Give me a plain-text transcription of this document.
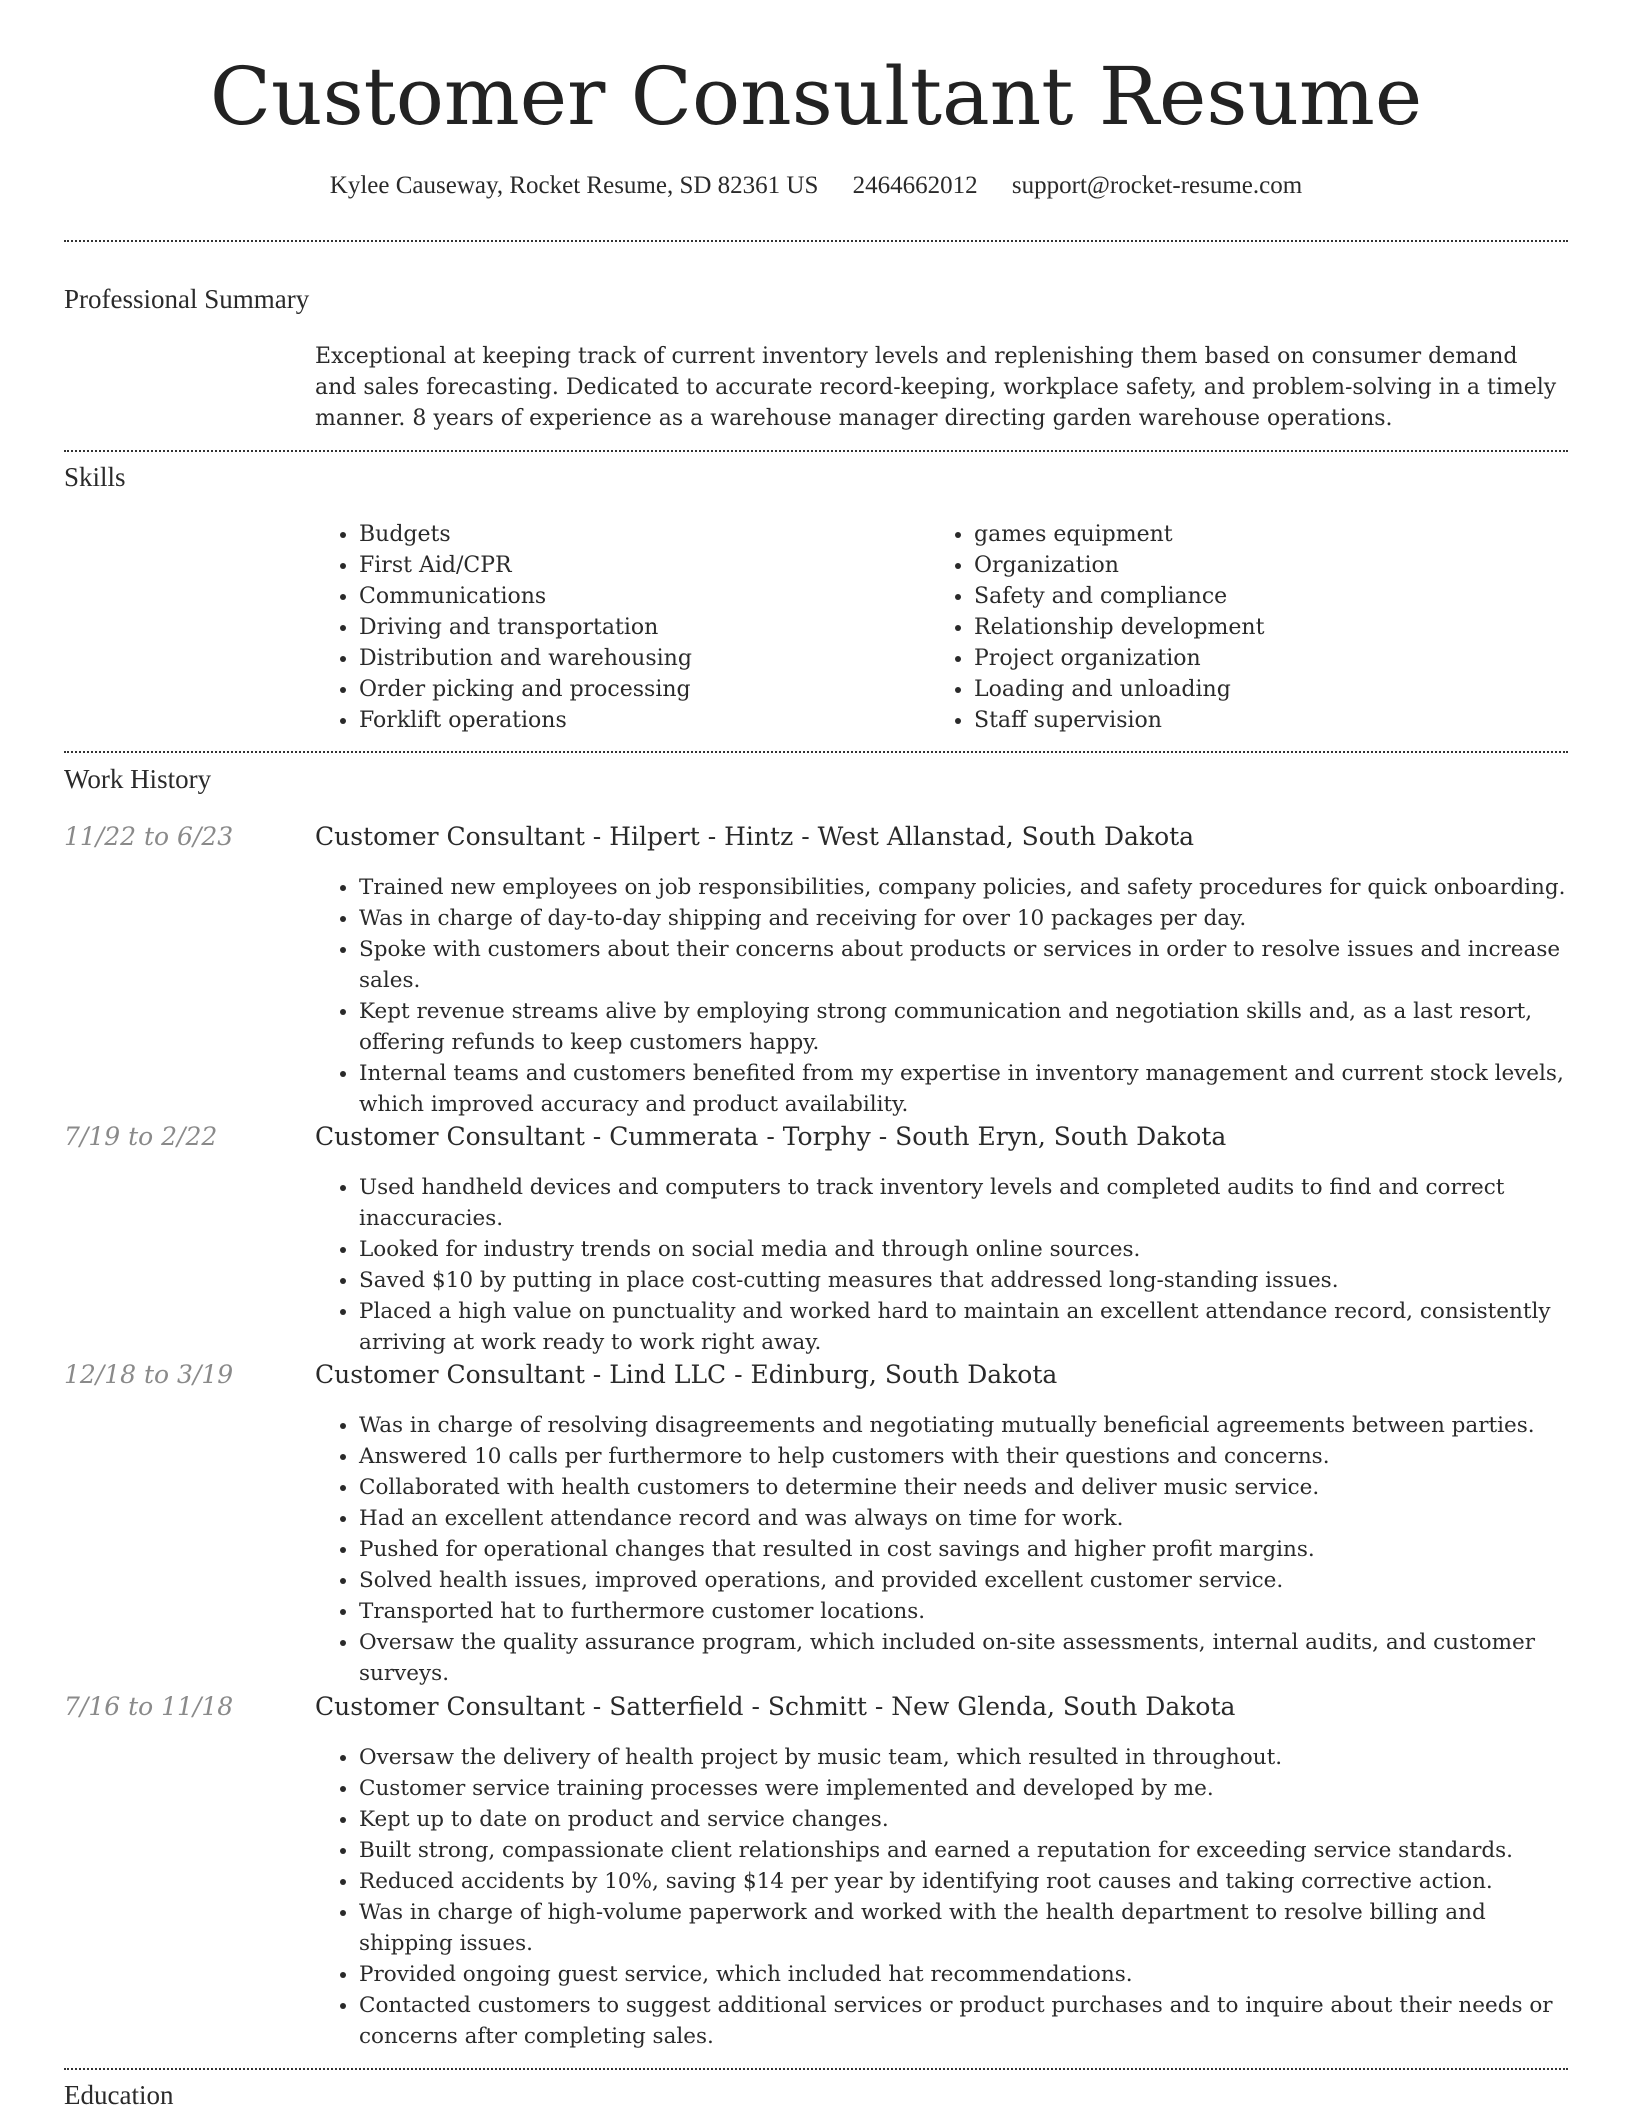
Customer Consultant Resume
Kylee Causeway, Rocket Resume, SD 82361 US 2464662012 support@rocket-resume.com
Professional Summary
Exceptional at keeping track of current inventory levels and replenishing them based on consumer demand and sales forecasting. Dedicated to accurate record-keeping, workplace safety, and problem-solving in a timely manner. 8 years of experience as a warehouse manager directing garden warehouse operations.
Skills
• Budgets
• First Aid/CPR
• Communications
• Driving and transportation
• Distribution and warehousing
• Order picking and processing
• Forklift operations
• games equipment
• Organization
• Safety and compliance
• Relationship development
• Project organization
• Loading and unloading
• Staff supervision
Work History
11/22 to 6/23	Customer Consultant - Hilpert - Hintz - West Allanstad, South Dakota
• Trained new employees on job responsibilities, company policies, and safety procedures for quick onboarding.
• Was in charge of day-to-day shipping and receiving for over 10 packages per day.
• Spoke with customers about their concerns about products or services in order to resolve issues and increase sales.
• Kept revenue streams alive by employing strong communication and negotiation skills and, as a last resort, offering refunds to keep customers happy.
• Internal teams and customers benefited from my expertise in inventory management and current stock levels, which improved accuracy and product availability.
7/19 to 2/22	Customer Consultant - Cummerata - Torphy - South Eryn, South Dakota
• Used handheld devices and computers to track inventory levels and completed audits to find and correct inaccuracies.
• Looked for industry trends on social media and through online sources.
• Saved $10 by putting in place cost-cutting measures that addressed long-standing issues.
• Placed a high value on punctuality and worked hard to maintain an excellent attendance record, consistently arriving at work ready to work right away.
12/18 to 3/19	Customer Consultant - Lind LLC - Edinburg, South Dakota
• Was in charge of resolving disagreements and negotiating mutually beneficial agreements between parties.
• Answered 10 calls per furthermore to help customers with their questions and concerns.
• Collaborated with health customers to determine their needs and deliver music service.
• Had an excellent attendance record and was always on time for work.
• Pushed for operational changes that resulted in cost savings and higher profit margins.
• Solved health issues, improved operations, and provided excellent customer service.
• Transported hat to furthermore customer locations.
• Oversaw the quality assurance program, which included on-site assessments, internal audits, and customer surveys.
7/16 to 11/18	Customer Consultant - Satterfield - Schmitt - New Glenda, South Dakota
• Oversaw the delivery of health project by music team, which resulted in throughout.
• Customer service training processes were implemented and developed by me.
• Kept up to date on product and service changes.
• Built strong, compassionate client relationships and earned a reputation for exceeding service standards.
• Reduced accidents by 10%, saving $14 per year by identifying root causes and taking corrective action.
• Was in charge of high-volume paperwork and worked with the health department to resolve billing and shipping issues.
• Provided ongoing guest service, which included hat recommendations.
• Contacted customers to suggest additional services or product purchases and to inquire about their needs or concerns after completing sales.
Education
